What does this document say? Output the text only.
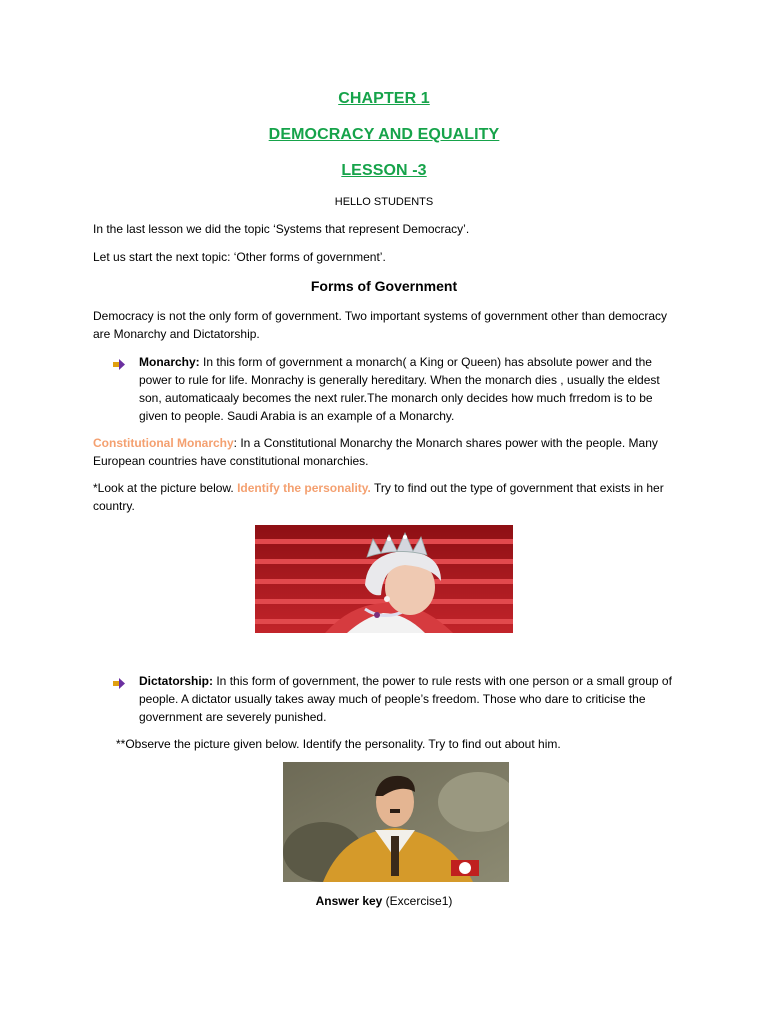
CHAPTER 1
DEMOCRACY AND EQUALITY
LESSON -3
HELLO STUDENTS
In the last lesson we did the topic ‘Systems that represent Democracy’.
Let us start the next topic: ‘Other forms of government’.
Forms of Government
Democracy is not the only form of government. Two important systems of government other than democracy are Monarchy and Dictatorship.
Monarchy: In this form of government a monarch( a King or Queen) has absolute power and the power to rule for life. Monrachy is generally hereditary. When the monarch dies , usually the eldest son, automaticaaly becomes the next ruler.The monarch only decides how much frredom is to be given to people. Saudi Arabia is an example of a Monarchy.
Constitutional Monarchy: In a Constitutional Monarchy the Monarch shares power with the people. Many European countries have constitutional monarchies.
*Look at the picture below. Identify the personality. Try to find out the type of government that exists in her country.
Dictatorship: In this form of government, the power to rule rests with one person or a small group of people. A dictator usually takes away much of people’s freedom. Those who dare to criticise the government are severely punished.
**Observe the picture given below. Identify the personality. Try to find out about him.
Answer key (Excercise1)
